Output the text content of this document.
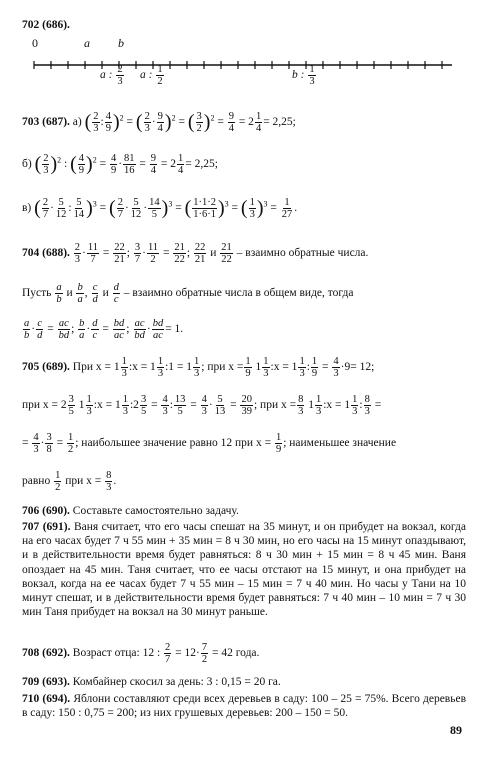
702 (686).
0	a b
a : $\frac{2}{3}$ a : $\frac{1}{2}$	b : $\frac{1}{3}$
703 (687). а) ( $\frac{2}{3}$ : $\frac{4}{9} )^2$ = ( $\frac{2}{3} \cdot \frac{9}{4} )^2$ = ( $\frac{3}{2} )^2 = \frac{9}{4} = 2 \frac{1}{4} = 2,25$;
б) ( $\frac{2}{3} )^2$ : ( $\frac{4}{9} )^2 = \frac{4}{9} \cdot \frac{81}{16} = \frac{9}{4} = 2 \frac{1}{4} = 2,25$;
в) ( $\frac{2}{7} \cdot \frac{5}{12}$ : $\frac{5}{14} )^3$ = ( $\frac{2}{7} \cdot \frac{5}{12} \cdot \frac{14}{5} )^3$ = ( $\frac{1\cdot 1\cdot 2}{1\cdot 6\cdot 1} )^3$ = ( $\frac{1}{3} )^3 = \frac{1}{27}$ .
704 (688). $\frac{2}{3} \cdot \frac{11}{7} = \frac{22}{21}$ ; $\frac{3}{7} \cdot \frac{11}{2} = \frac{21}{22}$ ; $\frac{22}{21}$ и $\frac{21}{22}$ – взаимно обратные числа.
Пусть $\frac{a}{b}$ и $\frac{b}{a}$ , $\frac{c}{d}$ и $\frac{d}{c}$ – взаимно обратные числа в общем виде, тогда
$\frac{a}{b} \cdot \frac{c}{d} = \frac{ac}{bd}$ ; $\frac{b}{a} \cdot \frac{d}{c} = \frac{bd}{ac}$ ; $\frac{ac}{bd} \cdot \frac{bd}{ac} = 1$.
705 (689). При $x = 1 \frac{1}{3}$ :x = $1 \frac{1}{3}$ :1 = $1 \frac{1}{3}$ ; при $x = \frac{1}{9} 1 \frac{1}{3}$ :x = $1 \frac{1}{3}$ : $\frac{1}{9} = \frac{4}{3} \cdot 9= 12$;
при $x = 2 \frac{3}{5} 1 \frac{1}{3}$ :x = $1 \frac{1}{3}$ :2 $\frac{3}{5} = \frac{4}{3}$ : $\frac{13}{5} = \frac{4}{3} \cdot \frac{5}{13} = \frac{20}{39}$ ; при $x = \frac{8}{3} 1 \frac{1}{3}$ :x = $1 \frac{1}{3}$ : $\frac{8}{3}$ =
= $\frac{4}{3} \cdot \frac{3}{8} = \frac{1}{2}$ ; наибольшее значение равно 12 при $x = \frac{1}{9}$ ; наименьшее значение
равно $\frac{1}{2}$ при $x = \frac{8}{3}$ .
706 (690). Составьте самостоятельно задачу.
707 (691). Ваня считает, что его часы спешат на 35 минут, и он прибудет на вокзал, когда на его часах будет 7 ч 55 мин + 35 мин = 8 ч 30 мин, но его часы на 15 минут опаздывают, и в действительности время будет равняться: 8 ч 30 мин + 15 мин = 8 ч 45 мин. Ваня опоздает на 45 мин. Таня считает, что ее часы отстают на 15 минут, и она прибудет на вокзал, когда на ее часах будет 7 ч 55 мин – 15 мин = 7 ч 40 мин. Но часы у Тани на 10 минут спешат, и в действительности время будет равняться: 7 ч 40 мин – 10 мин = 7 ч 30 мин Таня прибудет на вокзал на 30 минут раньше.
708 (692). Возраст отца: 12 : $\frac{2}{7} = 12\cdot \frac{7}{2} = 42$ года.
709 (693). Комбайнер скосил за день: 3 : 0,15 = 20 га.
710 (694). Яблони составляют среди всех деревьев в саду: 100 – 25 = 75%. Всего деревьев в саду: 150 : 0,75 = 200; из них грушевых деревьев: 200 – 150 = 50.
89
